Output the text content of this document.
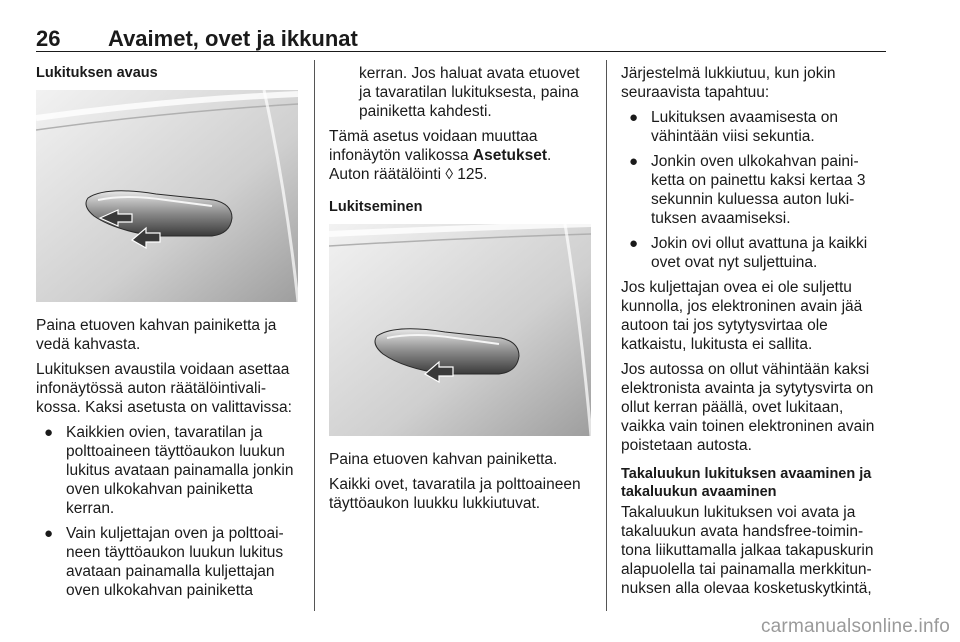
26 Avaimet, ovet ja ikkunat
Lukituksen avaus

Paina etuoven kahvan painiketta ja vedä kahvasta.

Lukituksen avaustila voidaan asettaa infonäytössä auton räätälöintivali-kossa. Kaksi asetusta on valittavissa:

● Kaikkien ovien, tavaratilan ja polttoaineen täyttöaukon luukun lukitus avataan painamalla jonkin oven ulkokahvan painiketta kerran.
● Vain kuljettajan oven ja polttoai-neen täyttöaukon luukun lukitus avataan painamalla kuljettajan oven ulkokahvan painiketta
kerran. Jos haluat avata etuovet ja tavaratilan lukituksesta, paina painiketta kahdesti.

Tämä asetus voidaan muuttaa infonäytön valikossa Asetukset.
Auton räätälöinti ◊ 125.

Lukitseminen

Paina etuoven kahvan painiketta.

Kaikki ovet, tavaratila ja polttoaineen täyttöaukon luukku lukkiutuvat.

Järjestelmä lukkiutuu, kun jokin seuraavista tapahtuu:

● Lukituksen avaamisesta on vähintään viisi sekuntia.
● Jonkin oven ulkokahvan paini-ketta on painettu kaksi kertaa 3 sekunnin kuluessa auton luki-tuksen avaamiseksi.
● Jokin ovi ollut avattuna ja kaikki ovet ovat nyt suljettuina.

Jos kuljettajan ovea ei ole suljettu kunnolla, jos elektroninen avain jää autoon tai jos sytytysvirtaa ole katkaistu, lukitusta ei sallita.

Jos autossa on ollut vähintään kaksi elektronista avainta ja sytytysvirta on ollut kerran päällä, ovet lukitaan, vaikka vain toinen elektroninen avain poistetaan autosta.

Takaluukun lukituksen avaaminen ja takaluukun avaaminen

Takaluukun lukituksen voi avata ja takaluukun avata handsfree-toimin-tona liikuttamalla jalkaa takapuskurin alapuolella tai painamalla merkkitun-nuksen alla olevaa kosketuskytkintä,

carmanualsonline.info
